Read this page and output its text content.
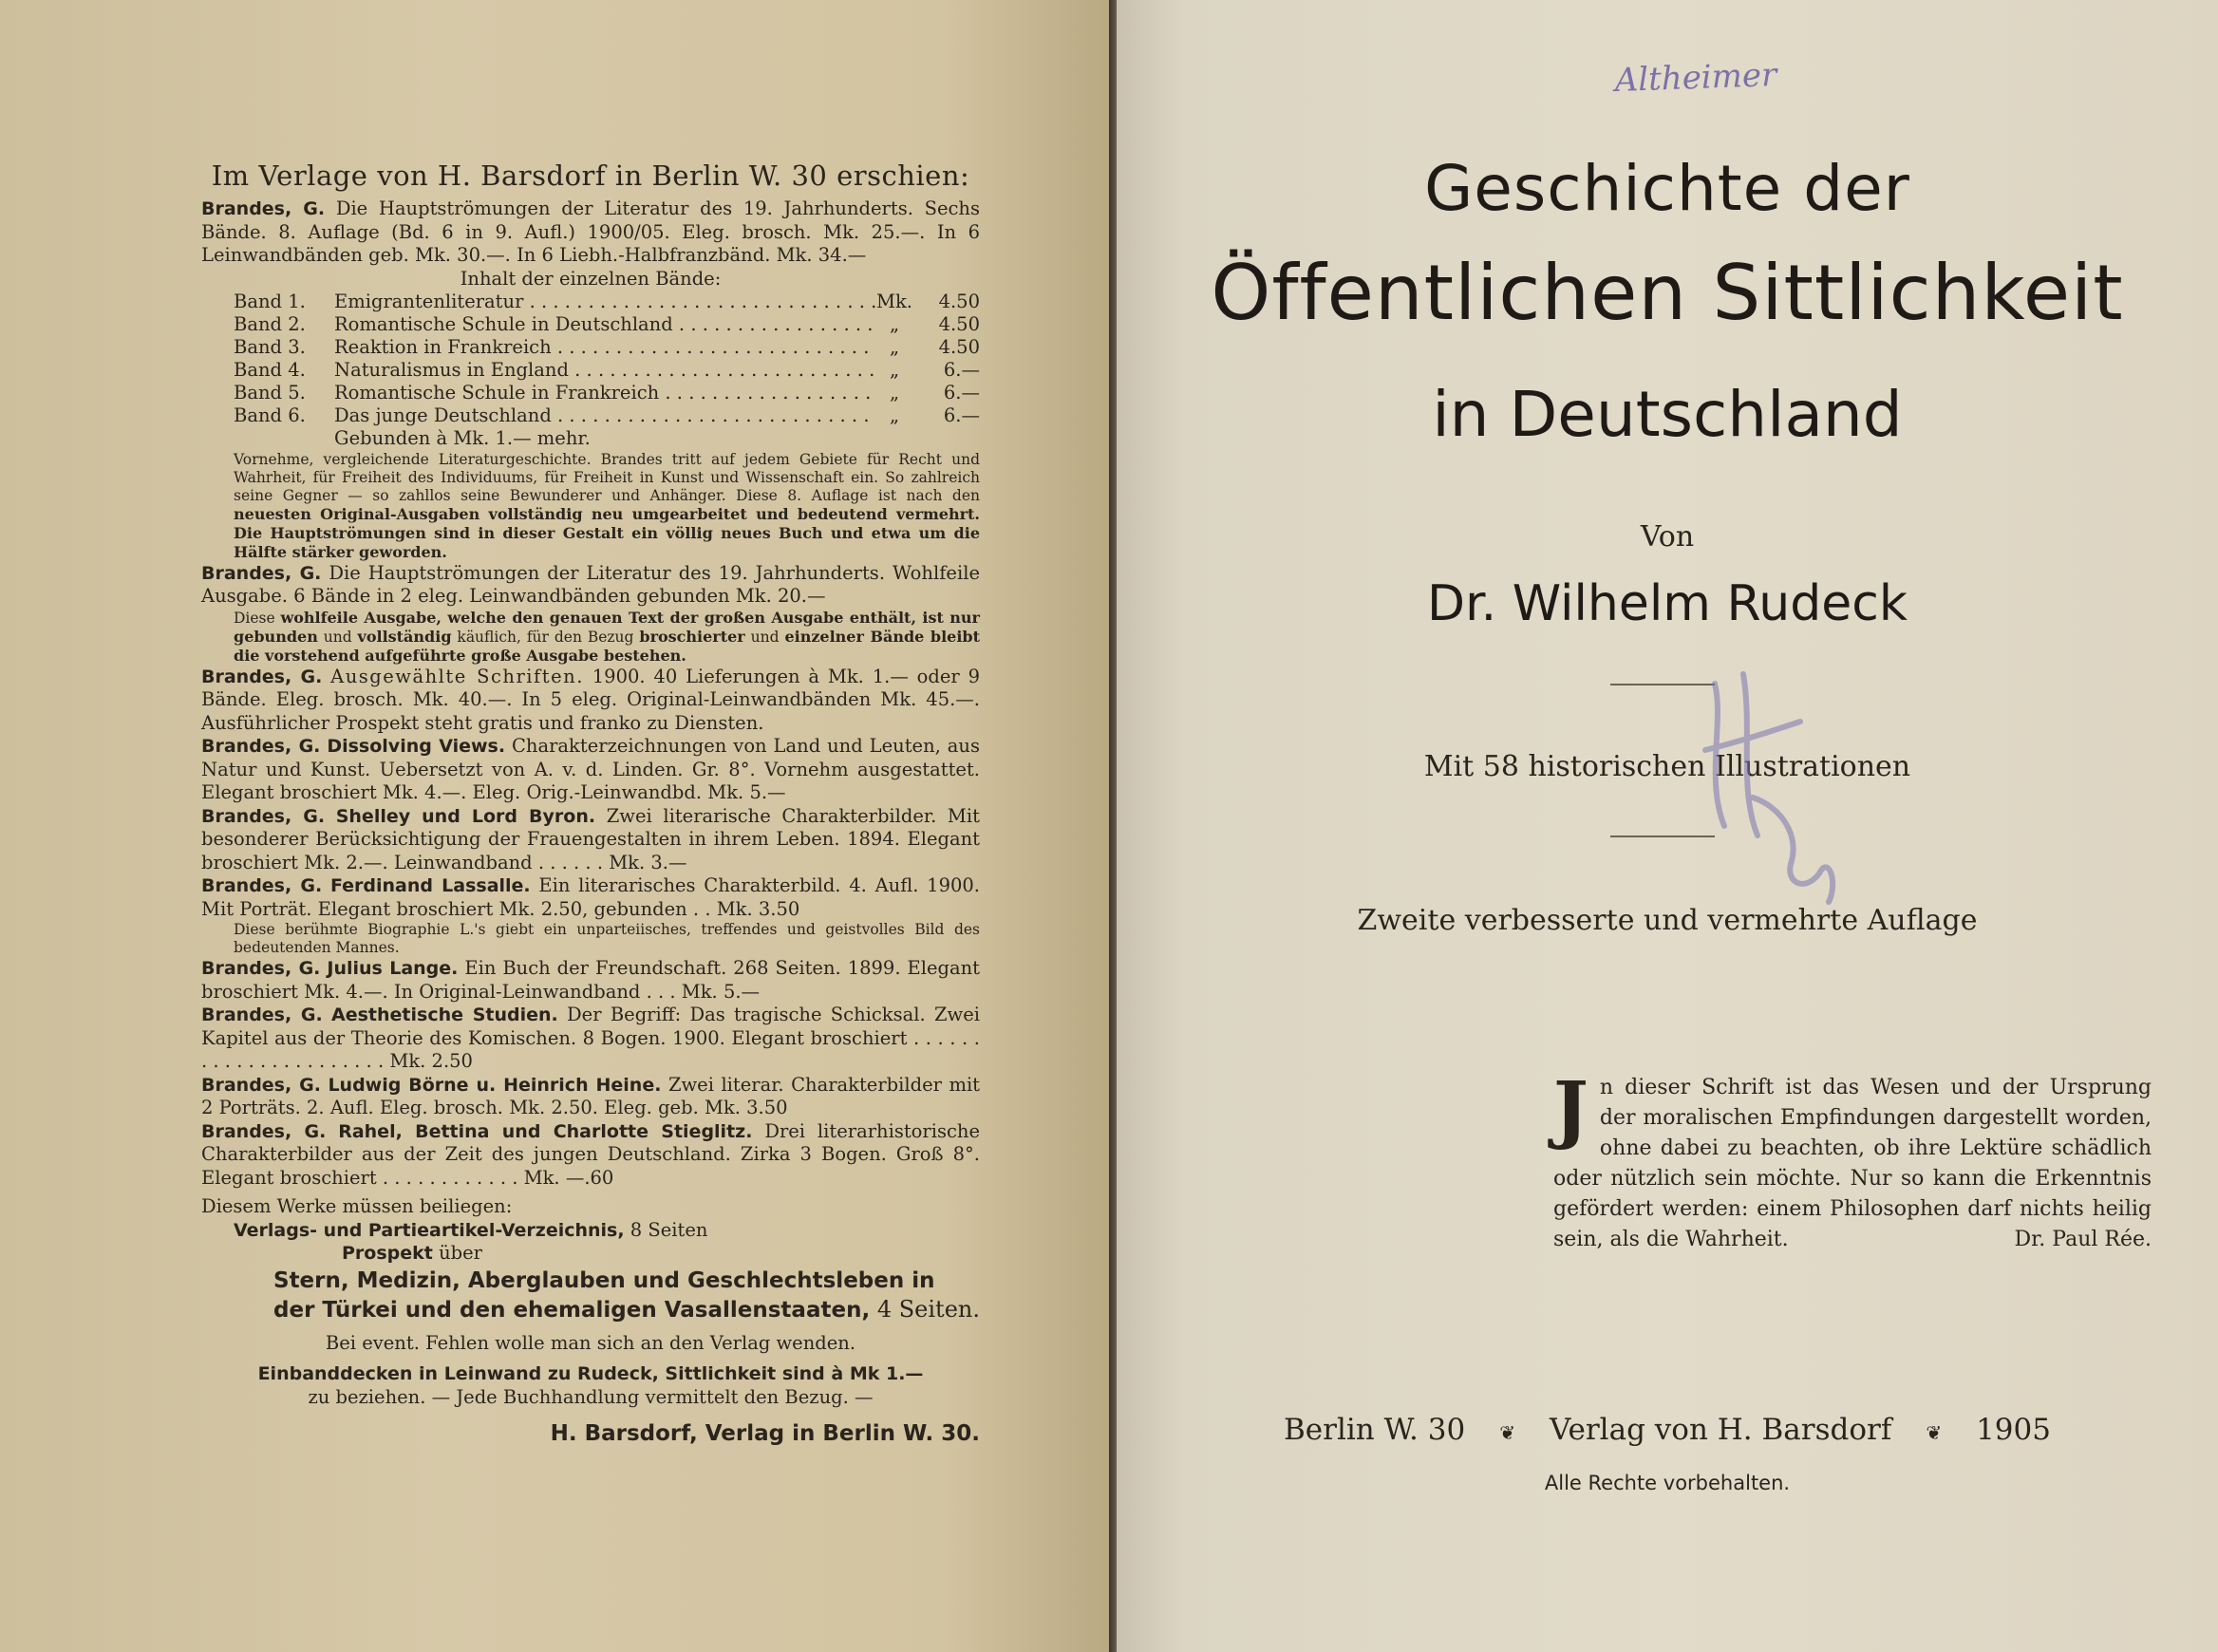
Im Verlage von H. Barsdorf in Berlin W. 30 erschien:

Brandes, G. Die Hauptströmungen der Literatur des 19. Jahrhunderts. Sechs Bände. 8. Auflage (Bd. 6 in 9. Aufl.) 1900/05. Eleg. brosch. Mk. 25.—. In 6 Leinwandbänden geb. Mk. 30.—. In 6 Liebh.-Halbfranzbänd. Mk. 34.—

Inhalt der einzelnen Bände:
Band 1.	Emigrantenliteratur . . .	Mk.	4.50
Band 2.	Romantische Schule in Deutschland . . .	„	4.50
Band 3.	Reaktion in Frankreich . . .	„	4.50
Band 4.	Naturalismus in England . . .	„	6.—
Band 5.	Romantische Schule in Frankreich . . .	„	6.—
Band 6.	Das junge Deutschland . . .	„	6.—
Gebunden à Mk. 1.— mehr.
Vornehme, vergleichende Literaturgeschichte. Brandes tritt auf jedem Gebiete für Recht und Wahrheit, für Freiheit des Individuums, für Freiheit in Kunst und Wissenschaft ein. So zahlreich seine Gegner — so zahllos seine Bewunderer und Anhänger. Diese 8. Auflage ist nach den neuesten Original-Ausgaben vollständig neu umgearbeitet und bedeutend vermehrt. Die Hauptströmungen sind in dieser Gestalt ein völlig neues Buch und etwa um die Hälfte stärker geworden.

Brandes, G. Die Hauptströmungen der Literatur des 19. Jahrhunderts. Wohlfeile Ausgabe. 6 Bände in 2 eleg. Leinwandbänden gebunden Mk. 20.—

Diese wohlfeile Ausgabe, welche den genauen Text der großen Ausgabe enthält, ist nur gebunden und vollständig käuflich, für den Bezug broschierter und einzelner Bände bleibt die vorstehend aufgeführte große Ausgabe bestehen.

Brandes, G. Ausgewählte Schriften. 1900. 40 Lieferungen à Mk. 1.— oder 9 Bände. Eleg. brosch. Mk. 40.—. In 5 eleg. Original-Leinwandbänden Mk. 45.—. Ausführlicher Prospekt steht gratis und franko zu Diensten.

Brandes, G. Dissolving Views. Charakterzeichnungen von Land und Leuten, aus Natur und Kunst. Uebersetzt von A. v. d. Linden. Gr. 8°. Vornehm ausgestattet. Elegant broschiert Mk. 4.—. Eleg. Orig.-Leinwandbd. Mk. 5.—

Brandes, G. Shelley und Lord Byron. Zwei literarische Charakterbilder. Mit besonderer Berücksichtigung der Frauengestalten in ihrem Leben. 1894. Elegant broschiert Mk. 2.—. Leinwandband . . . . . . Mk. 3.—

Brandes, G. Ferdinand Lassalle. Ein literarisches Charakterbild. 4. Aufl. 1900. Mit Porträt. Elegant broschiert Mk. 2.50, gebunden . . Mk. 3.50

Diese berühmte Biographie L.'s giebt ein unparteiisches, treffendes und geistvolles Bild des bedeutenden Mannes.

Brandes, G. Julius Lange. Ein Buch der Freundschaft. 268 Seiten. 1899. Elegant broschiert Mk. 4.—. In Original-Leinwandband . . . Mk. 5.—

Brandes, G. Aesthetische Studien. Der Begriff: Das tragische Schicksal. Zwei Kapitel aus der Theorie des Komischen. 8 Bogen. 1900. Elegant broschiert . . . . . . . . . . . . . . . . . . . . . . Mk. 2.50

Brandes, G. Ludwig Börne u. Heinrich Heine. Zwei literar. Charakterbilder mit 2 Porträts. 2. Aufl. Eleg. brosch. Mk. 2.50. Eleg. geb. Mk. 3.50

Brandes, G. Rahel, Bettina und Charlotte Stieglitz. Drei literarhistorische Charakterbilder aus der Zeit des jungen Deutschland. Zirka 3 Bogen. Groß 8°. Elegant broschiert . . . . . . . . . . . . Mk. —.60

Diesem Werke müssen beiliegen:
Verlags- und Partieartikel-Verzeichnis, 8 Seiten
Prospekt über
Stern, Medizin, Aberglauben und Geschlechtsleben in der Türkei und den ehemaligen Vasallenstaaten, 4 Seiten.
Bei event. Fehlen wolle man sich an den Verlag wenden.
Einbanddecken in Leinwand zu Rudeck, Sittlichkeit sind à Mk 1.—
zu beziehen. — Jede Buchhandlung vermittelt den Bezug. —
H. Barsdorf, Verlag in Berlin W. 30.
Altheimer
Geschichte der
Öffentlichen Sittlichkeit
in Deutschland
Von
Dr. Wilhelm Rudeck
Mit 58 historischen Illustrationen
Zweite verbesserte und vermehrte Auflage
J n dieser Schrift ist das Wesen und der Ursprung der moralischen Empfindungen dargestellt worden, ohne dabei zu beachten, ob ihre Lektüre schädlich oder nützlich sein möchte. Nur so kann die Erkenntnis gefördert werden: einem Philosophen darf nichts heilig sein, als die Wahrheit.	Dr. Paul Rée.
Berlin W. 30 ❦ Verlag von H. Barsdorf ❦ 1905
Alle Rechte vorbehalten.
